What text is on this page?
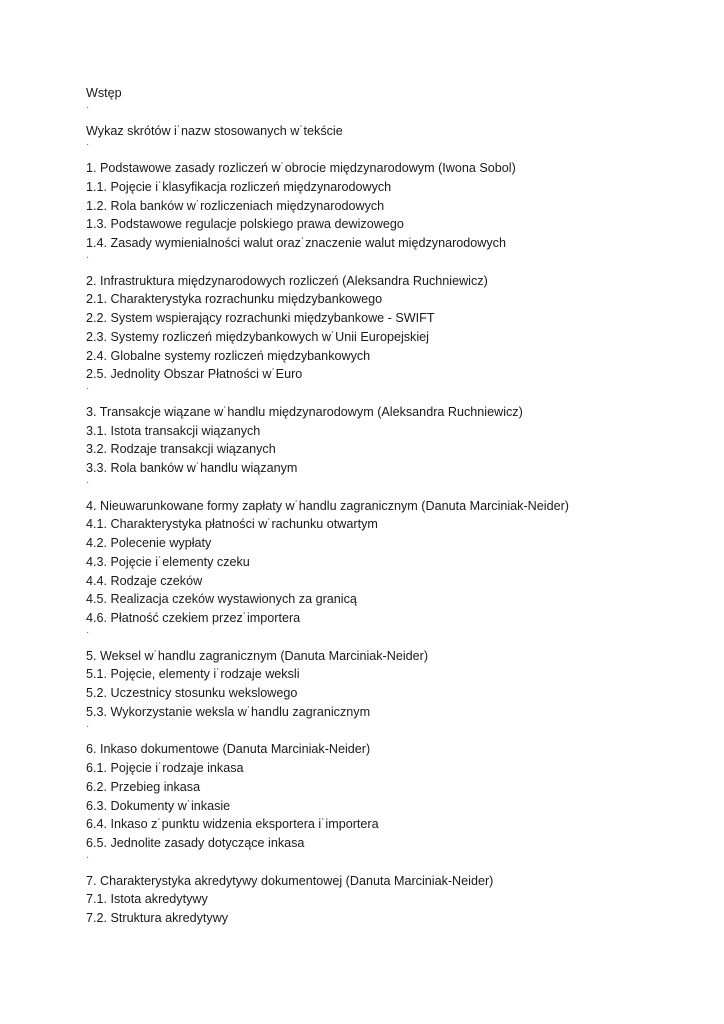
Wstęp
·
Wykaz skrótów i˙nazw stosowanych w˙tekście
·
1. Podstawowe zasady rozliczeń w˙obrocie międzynarodowym (Iwona Sobol)
1.1. Pojęcie i˙klasyfikacja rozliczeń międzynarodowych
1.2. Rola banków w˙rozliczeniach międzynarodowych
1.3. Podstawowe regulacje polskiego prawa dewizowego
1.4. Zasady wymienialności walut oraz˙znaczenie walut międzynarodowych
·
2. Infrastruktura międzynarodowych rozliczeń (Aleksandra Ruchniewicz)
2.1. Charakterystyka rozrachunku międzybankowego
2.2. System wspierający rozrachunki międzybankowe - SWIFT
2.3. Systemy rozliczeń międzybankowych w˙Unii Europejskiej
2.4. Globalne systemy rozliczeń międzybankowych
2.5. Jednolity Obszar Płatności w˙Euro
·
3. Transakcje wiązane w˙handlu międzynarodowym (Aleksandra Ruchniewicz)
3.1. Istota transakcji wiązanych
3.2. Rodzaje transakcji wiązanych
3.3. Rola banków w˙handlu wiązanym
·
4. Nieuwarunkowane formy zapłaty w˙handlu zagranicznym (Danuta Marciniak-Neider)
4.1. Charakterystyka płatności w˙rachunku otwartym
4.2. Polecenie wypłaty
4.3. Pojęcie i˙elementy czeku
4.4. Rodzaje czeków
4.5. Realizacja czeków wystawionych za granicą
4.6. Płatność czekiem przez˙importera
·
5. Weksel w˙handlu zagranicznym (Danuta Marciniak-Neider)
5.1. Pojęcie, elementy i˙rodzaje weksli
5.2. Uczestnicy stosunku wekslowego
5.3. Wykorzystanie weksla w˙handlu zagranicznym
·
6. Inkaso dokumentowe (Danuta Marciniak-Neider)
6.1. Pojęcie i˙rodzaje inkasa
6.2. Przebieg inkasa
6.3. Dokumenty w˙inkasie
6.4. Inkaso z˙punktu widzenia eksportera i˙importera
6.5. Jednolite zasady dotyczące inkasa
·
7. Charakterystyka akredytywy dokumentowej (Danuta Marciniak-Neider)
7.1. Istota akredytywy
7.2. Struktura akredytywy
